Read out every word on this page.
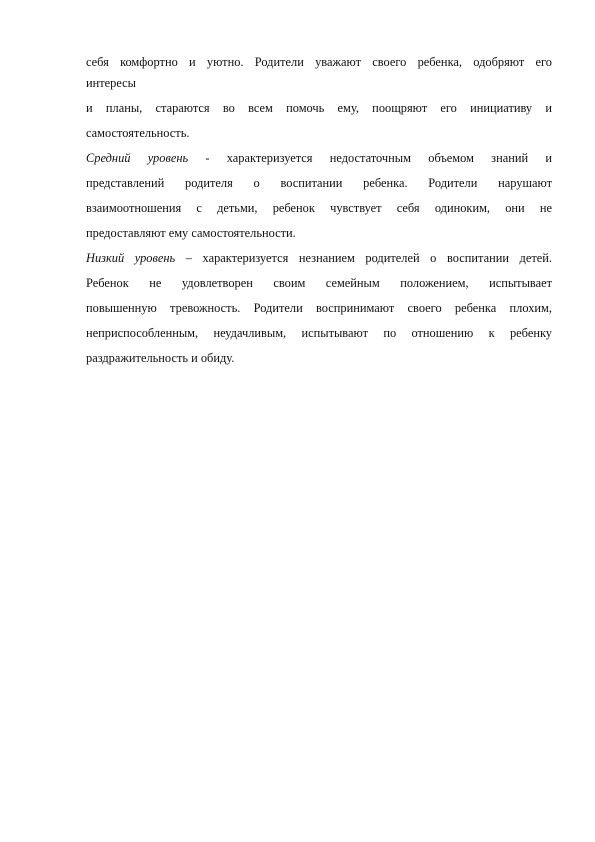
себя комфортно и уютно. Родители уважают своего ребенка, одобряют его
интересы
и планы, стараются во всем помочь ему, поощряют его инициативу и
самостоятельность.
Средний уровень - характеризуется недостаточным объемом знаний и
представлений родителя о воспитании ребенка. Родители нарушают
взаимоотношения с детьми, ребенок чувствует себя одиноким, они не
предоставляют ему самостоятельности.
Низкий уровень – характеризуется незнанием родителей о воспитании детей.
Ребенок не удовлетворен своим семейным положением, испытывает
повышенную тревожность. Родители воспринимают своего ребенка плохим,
неприспособленным, неудачливым, испытывают по отношению к ребенку
раздражительность и обиду.
